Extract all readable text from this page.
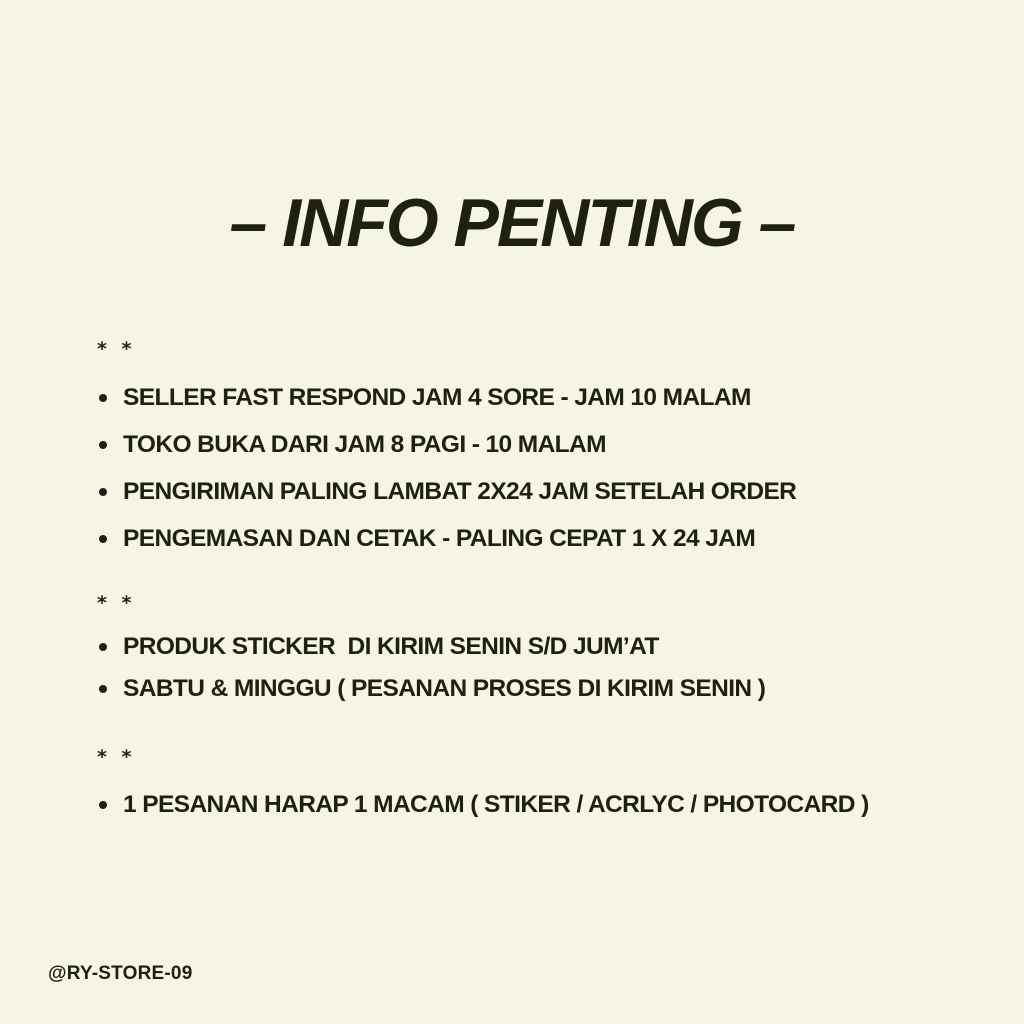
– INFO PENTING –
* *
SELLER FAST RESPOND JAM 4 SORE - JAM 10 MALAM
TOKO BUKA DARI JAM 8 PAGI - 10 MALAM
PENGIRIMAN PALING LAMBAT 2X24 JAM SETELAH ORDER
PENGEMASAN DAN CETAK - PALING CEPAT 1 X 24 JAM
* *
PRODUK STICKER  DI KIRIM SENIN S/D JUM’AT
SABTU & MINGGU ( PESANAN PROSES DI KIRIM SENIN )
* *
1 PESANAN HARAP 1 MACAM ( STIKER / ACRLYC / PHOTOCARD )
@RY-STORE-09
